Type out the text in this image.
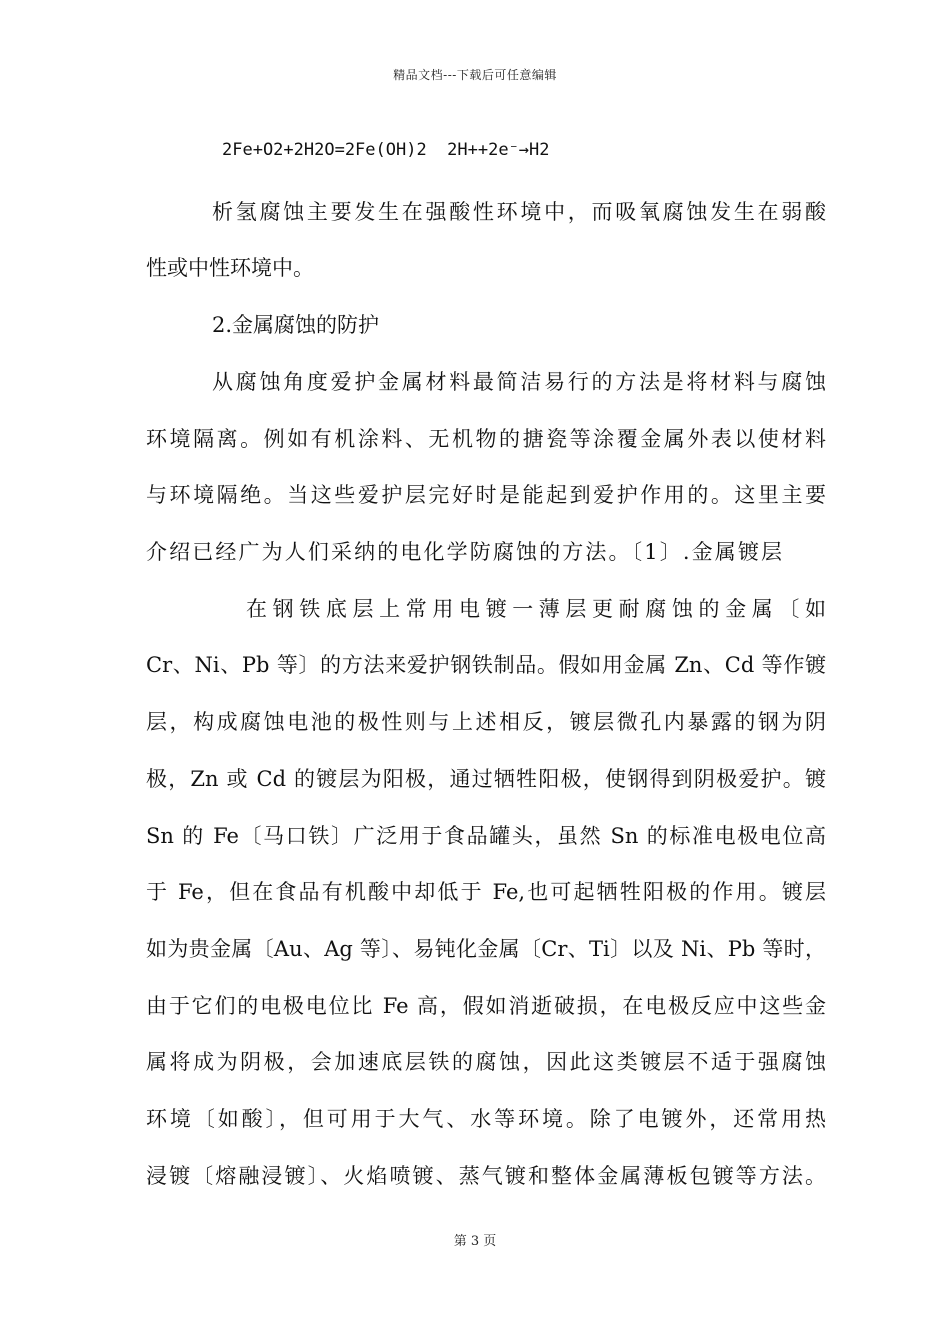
精品文档---下载后可任意编辑
2Fe+O2+2H2O=2Fe(OH)2  2H++2e⁻→H2
析氢腐蚀主要发生在强酸性环境中，而吸氧腐蚀发生在弱酸
性或中性环境中。
2.金属腐蚀的防护
从腐蚀角度爱护金属材料最简洁易行的方法是将材料与腐蚀
环境隔离。例如有机涂料、无机物的搪瓷等涂覆金属外表以使材料
与环境隔绝。当这些爱护层完好时是能起到爱护作用的。这里主要
介绍已经广为人们采纳的电化学防腐蚀的方法。〔1〕.金属镀层
在钢铁底层上常用电镀一薄层更耐腐蚀的金属〔如
Cr、Ni、Pb 等〕的方法来爱护钢铁制品。假如用金属 Zn、Cd 等作镀
层，构成腐蚀电池的极性则与上述相反，镀层微孔内暴露的钢为阴
极，Zn 或 Cd 的镀层为阳极，通过牺牲阳极，使钢得到阴极爱护。镀
Sn 的 Fe〔马口铁〕广泛用于食品罐头，虽然 Sn 的标准电极电位高
于 Fe，但在食品有机酸中却低于 Fe,也可起牺牲阳极的作用。镀层
如为贵金属〔Au、Ag 等〕、易钝化金属〔Cr、Ti〕以及 Ni、Pb 等时，
由于它们的电极电位比 Fe 高，假如消逝破损，在电极反应中这些金
属将成为阴极，会加速底层铁的腐蚀，因此这类镀层不适于强腐蚀
环境〔如酸〕，但可用于大气、水等环境。除了电镀外，还常用热
浸镀〔熔融浸镀〕、火焰喷镀、蒸气镀和整体金属薄板包镀等方法。
第 3 页
